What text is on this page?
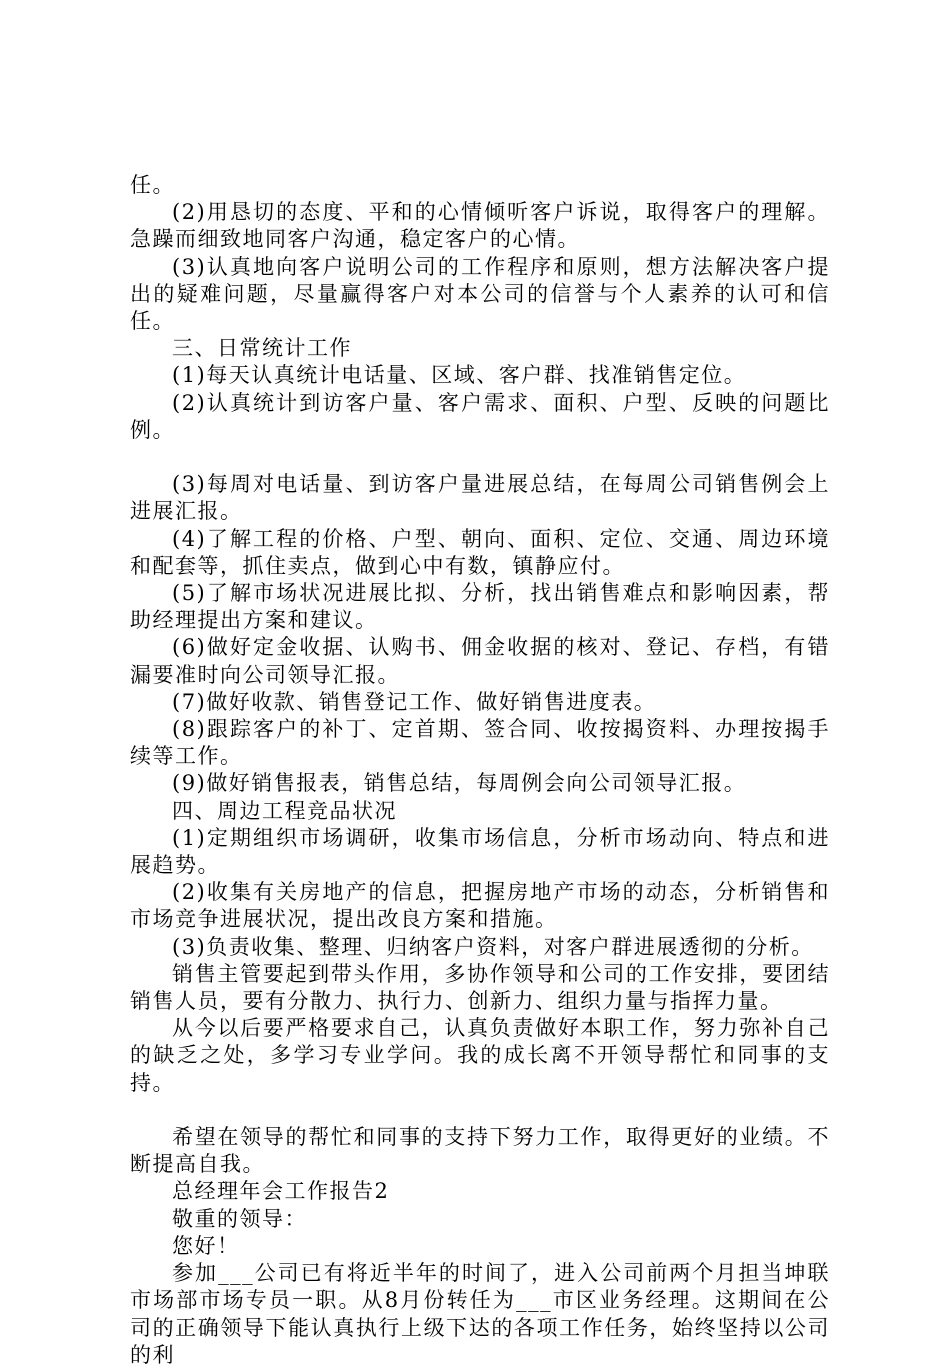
任。

(2)用恳切的态度、平和的心情倾听客户诉说，取得客户的理解。急躁而细致地同客户沟通，稳定客户的心情。

(3)认真地向客户说明公司的工作程序和原则，想方法解决客户提出的疑难问题，尽量赢得客户对本公司的信誉与个人素养的认可和信任。

三、日常统计工作

(1)每天认真统计电话量、区域、客户群、找准销售定位。

(2)认真统计到访客户量、客户需求、面积、户型、反映的问题比例。

(3)每周对电话量、到访客户量进展总结，在每周公司销售例会上进展汇报。

(4)了解工程的价格、户型、朝向、面积、定位、交通、周边环境和配套等，抓住卖点，做到心中有数，镇静应付。

(5)了解市场状况进展比拟、分析，找出销售难点和影响因素，帮助经理提出方案和建议。

(6)做好定金收据、认购书、佣金收据的核对、登记、存档，有错漏要准时向公司领导汇报。

(7)做好收款、销售登记工作、做好销售进度表。

(8)跟踪客户的补丁、定首期、签合同、收按揭资料、办理按揭手续等工作。

(9)做好销售报表，销售总结，每周例会向公司领导汇报。

四、周边工程竞品状况

(1)定期组织市场调研，收集市场信息，分析市场动向、特点和进展趋势。

(2)收集有关房地产的信息，把握房地产市场的动态，分析销售和市场竞争进展状况，提出改良方案和措施。

(3)负责收集、整理、归纳客户资料，对客户群进展透彻的分析。

销售主管要起到带头作用，多协作领导和公司的工作安排，要团结销售人员，要有分散力、执行力、创新力、组织力量与指挥力量。

从今以后要严格要求自己，认真负责做好本职工作，努力弥补自己的缺乏之处，多学习专业学问。我的成长离不开领导帮忙和同事的支持。

希望在领导的帮忙和同事的支持下努力工作，取得更好的业绩。不断提高自我。

总经理年会工作报告2

敬重的领导：

您好！

参加___公司已有将近半年的时间了，进入公司前两个月担当坤联市场部市场专员一职。从8月份转任为___市区业务经理。这期间在公司的正确领导下能认真执行上级下达的各项工作任务，始终坚持以公司的利
